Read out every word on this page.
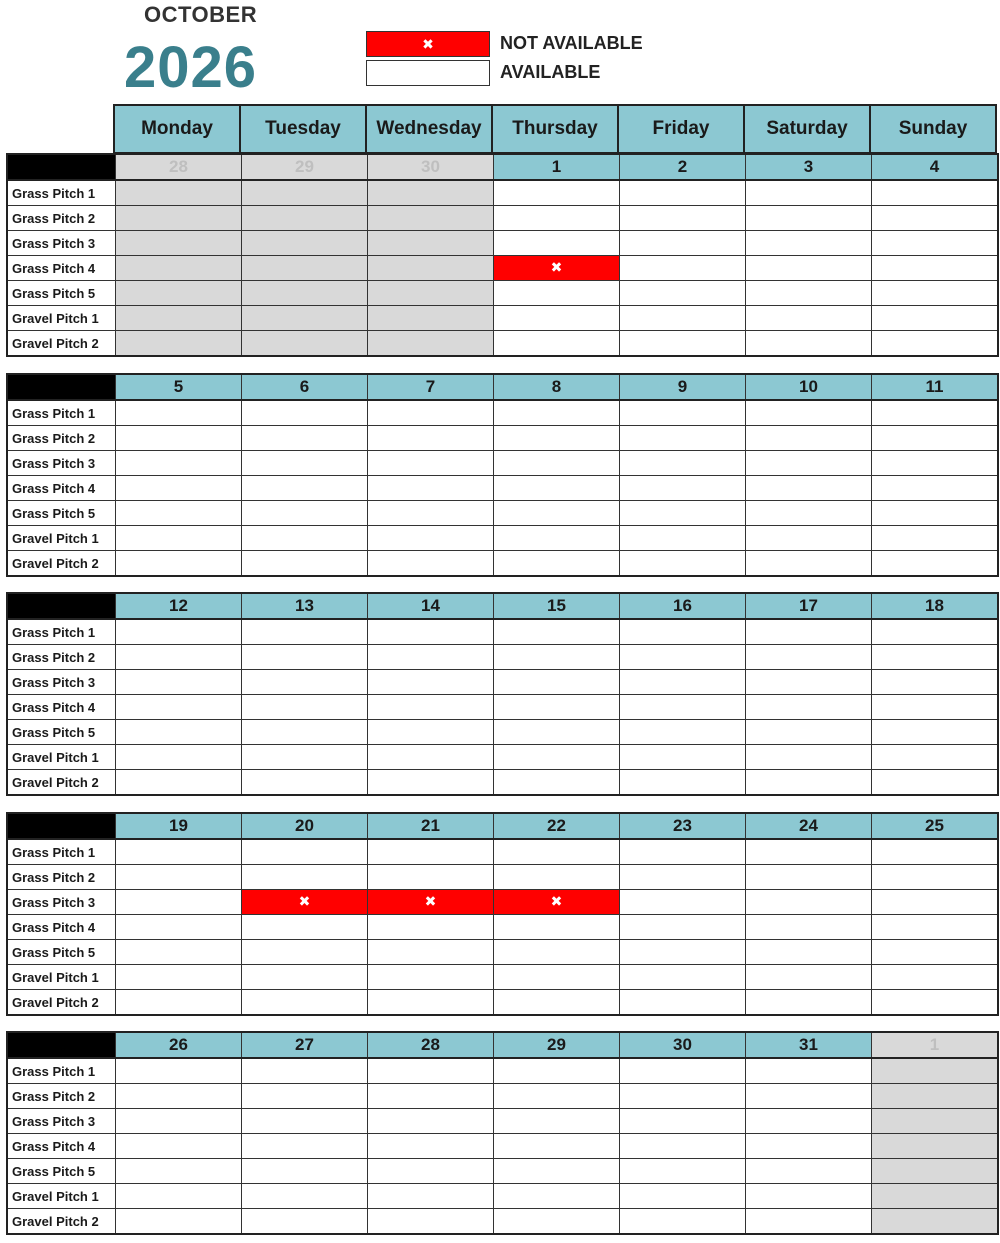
OCTOBER
2026	✖	NOT AVAILABLE
AVAILABLE
Monday	Tuesday	Wednesday	Thursday	Friday	Saturday	Sunday
	28	29	30	1	2	3	4
Grass Pitch 1							
Grass Pitch 2							
Grass Pitch 3							
Grass Pitch 4				✖			
Grass Pitch 5							
Gravel Pitch 1							
Gravel Pitch 2							
	5	6	7	8	9	10	11
Grass Pitch 1							
Grass Pitch 2							
Grass Pitch 3							
Grass Pitch 4							
Grass Pitch 5							
Gravel Pitch 1							
Gravel Pitch 2							
	12	13	14	15	16	17	18
Grass Pitch 1							
Grass Pitch 2							
Grass Pitch 3							
Grass Pitch 4							
Grass Pitch 5							
Gravel Pitch 1							
Gravel Pitch 2							
	19	20	21	22	23	24	25
Grass Pitch 1							
Grass Pitch 2							
Grass Pitch 3		✖	✖	✖			
Grass Pitch 4							
Grass Pitch 5							
Gravel Pitch 1							
Gravel Pitch 2							
	26	27	28	29	30	31	1
Grass Pitch 1							
Grass Pitch 2							
Grass Pitch 3							
Grass Pitch 4							
Grass Pitch 5							
Gravel Pitch 1							
Gravel Pitch 2							
